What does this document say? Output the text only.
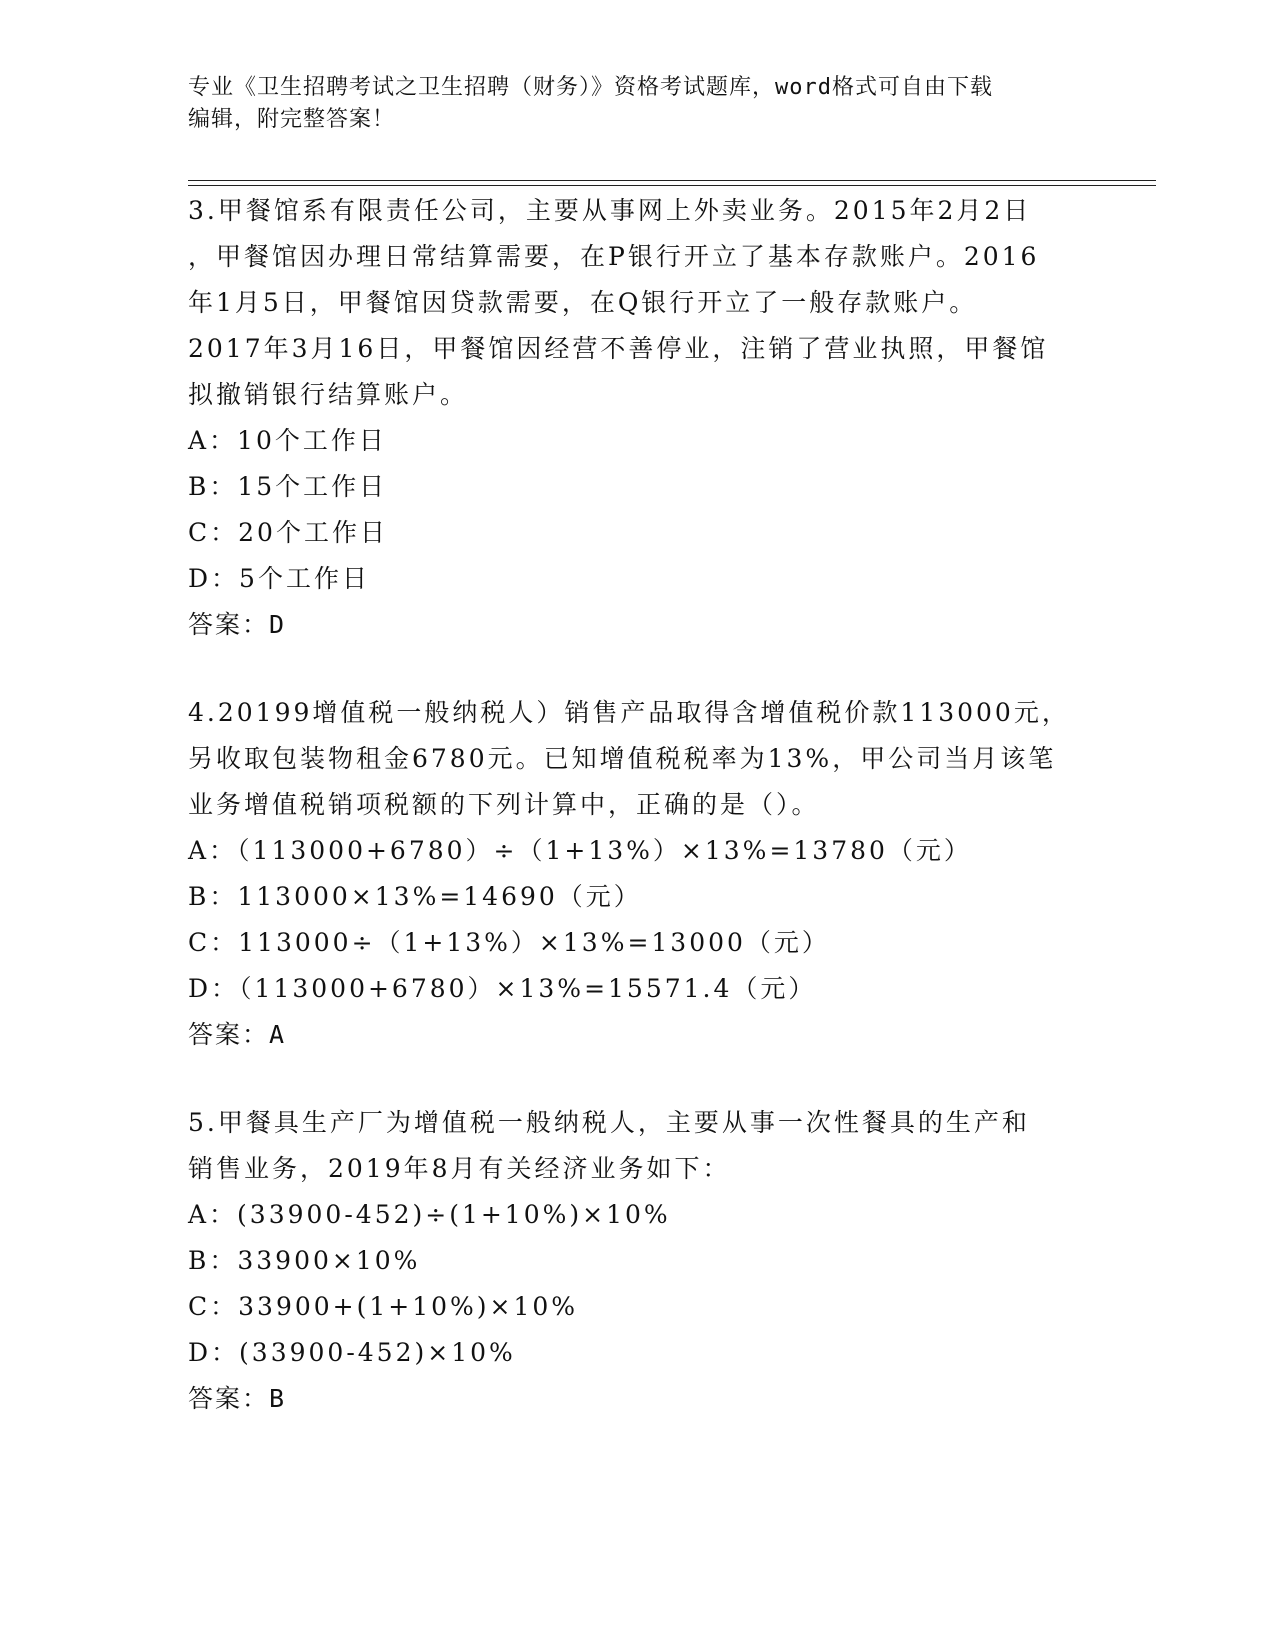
专业《卫生招聘考试之卫生招聘（财务）》资格考试题库，word格式可自由下载
编辑，附完整答案！
3.甲餐馆系有限责任公司，主要从事网上外卖业务。2015年2月2日
，甲餐馆因办理日常结算需要，在P银行开立了基本存款账户。2016
年1月5日，甲餐馆因贷款需要，在Q银行开立了一般存款账户。
2017年3月16日，甲餐馆因经营不善停业，注销了营业执照，甲餐馆
拟撤销银行结算账户。
A：10个工作日
B：15个工作日
C：20个工作日
D：5个工作日
答案：D
4.20199增值税一般纳税人）销售产品取得含增值税价款113000元，
另收取包装物租金6780元。已知增值税税率为13%，甲公司当月该笔
业务增值税销项税额的下列计算中，正确的是（）。
A：（113000+6780）÷（1+13%）×13%=13780（元）
B：113000×13%=14690（元）
C：113000÷（1+13%）×13%=13000（元）
D：（113000+6780）×13%=15571.4（元）
答案：A
5.甲餐具生产厂为增值税一般纳税人，主要从事一次性餐具的生产和
销售业务，2019年8月有关经济业务如下：
A：(33900-452)÷(1+10%)×10%
B：33900×10%
C：33900+(1+10%)×10%
D：(33900-452)×10%
答案：B
